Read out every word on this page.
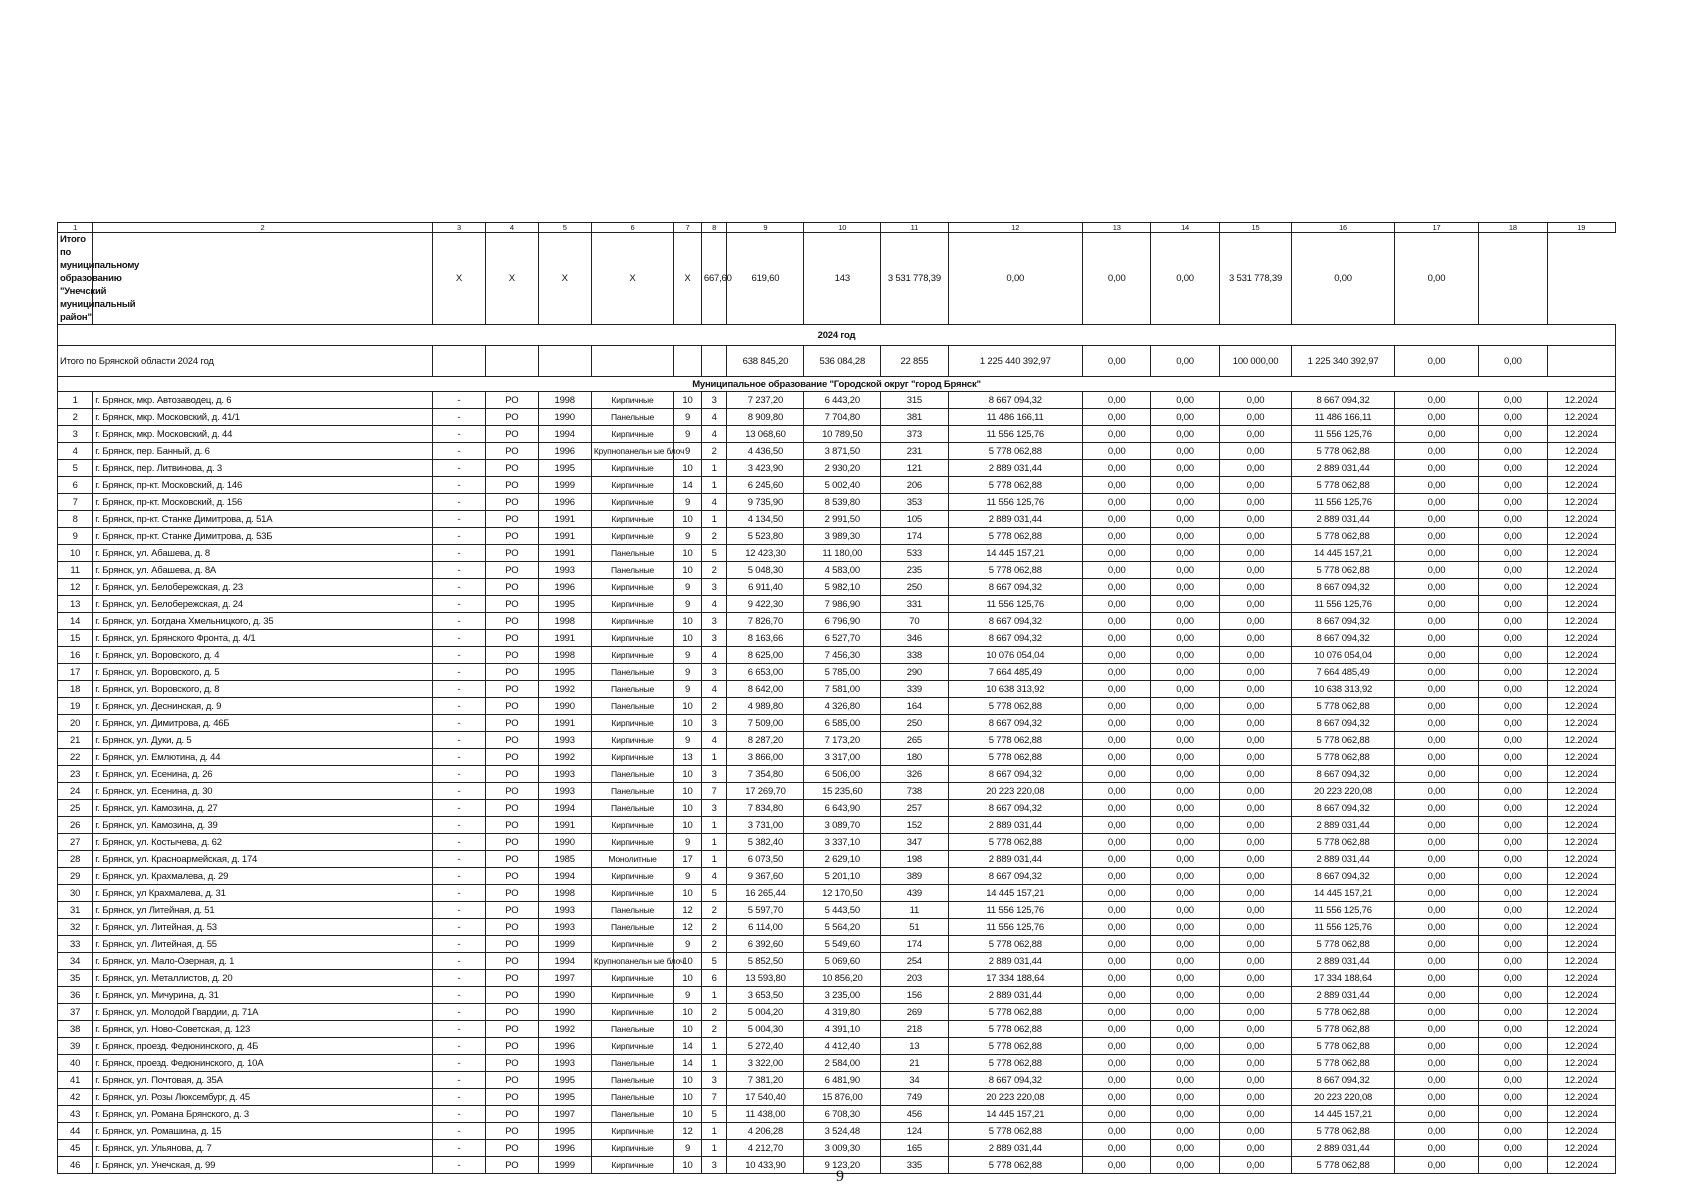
1	2	3	4	5	6	7	8	9	10	11	12	13	14	15	16	17	18	19
Итого по муниципальному образованию "Унечский муниципальный район"		X	X	X	X	X	667,60	619,60	143	3 531 778,39	0,00	0,00	0,00	3 531 778,39	0,00	0,00		
2024 год																		
Итого по Брянской области 2024 год								638 845,20	536 084,28	22 855	1 225 440 392,97	0,00	0,00	100 000,00	1 225 340 392,97	0,00	0,00	
Муниципальное образование "Городской округ "город Брянск"																		
1	г. Брянск, мкр. Автозаводец, д. 6	-	РО	1998	Кирпичные	10	3	7 237,20	6 443,20	315	8 667 094,32	0,00	0,00	0,00	8 667 094,32	0,00	0,00	12.2024
2	г. Брянск, мкр. Московский, д. 41/1	-	РО	1990	Панельные	9	4	8 909,80	7 704,80	381	11 486 166,11	0,00	0,00	0,00	11 486 166,11	0,00	0,00	12.2024
3	г. Брянск, мкр. Московский, д. 44	-	РО	1994	Кирпичные	9	4	13 068,60	10 789,50	373	11 556 125,76	0,00	0,00	0,00	11 556 125,76	0,00	0,00	12.2024
4	г. Брянск, пер. Банный, д. 6	-	РО	1996	Крупнопанельн ые блоч	9	2	4 436,50	3 871,50	231	5 778 062,88	0,00	0,00	0,00	5 778 062,88	0,00	0,00	12.2024
5	г. Брянск, пер. Литвинова, д. 3	-	РО	1995	Кирпичные	10	1	3 423,90	2 930,20	121	2 889 031,44	0,00	0,00	0,00	2 889 031,44	0,00	0,00	12.2024
6	г. Брянск, пр-кт. Московский, д. 146	-	РО	1999	Кирпичные	14	1	6 245,60	5 002,40	206	5 778 062,88	0,00	0,00	0,00	5 778 062,88	0,00	0,00	12.2024
7	г. Брянск, пр-кт. Московский, д. 156	-	РО	1996	Кирпичные	9	4	9 735,90	8 539,80	353	11 556 125,76	0,00	0,00	0,00	11 556 125,76	0,00	0,00	12.2024
8	г. Брянск, пр-кт. Станке Димитрова, д. 51А	-	РО	1991	Кирпичные	10	1	4 134,50	2 991,50	105	2 889 031,44	0,00	0,00	0,00	2 889 031,44	0,00	0,00	12.2024
9	г. Брянск, пр-кт. Станке Димитрова, д. 53Б	-	РО	1991	Кирпичные	9	2	5 523,80	3 989,30	174	5 778 062,88	0,00	0,00	0,00	5 778 062,88	0,00	0,00	12.2024
10	г. Брянск, ул. Абашева, д. 8	-	РО	1991	Панельные	10	5	12 423,30	11 180,00	533	14 445 157,21	0,00	0,00	0,00	14 445 157,21	0,00	0,00	12.2024
11	г. Брянск, ул. Абашева, д. 8А	-	РО	1993	Панельные	10	2	5 048,30	4 583,00	235	5 778 062,88	0,00	0,00	0,00	5 778 062,88	0,00	0,00	12.2024
12	г. Брянск, ул. Белобережская, д. 23	-	РО	1996	Кирпичные	9	3	6 911,40	5 982,10	250	8 667 094,32	0,00	0,00	0,00	8 667 094,32	0,00	0,00	12.2024
13	г. Брянск, ул. Белобережская, д. 24	-	РО	1995	Кирпичные	9	4	9 422,30	7 986,90	331	11 556 125,76	0,00	0,00	0,00	11 556 125,76	0,00	0,00	12.2024
14	г. Брянск, ул. Богдана Хмельницкого, д. 35	-	РО	1998	Кирпичные	10	3	7 826,70	6 796,90	70	8 667 094,32	0,00	0,00	0,00	8 667 094,32	0,00	0,00	12.2024
15	г. Брянск, ул. Брянского Фронта, д. 4/1	-	РО	1991	Кирпичные	10	3	8 163,66	6 527,70	346	8 667 094,32	0,00	0,00	0,00	8 667 094,32	0,00	0,00	12.2024
16	г. Брянск, ул. Воровского, д. 4	-	РО	1998	Кирпичные	9	4	8 625,00	7 456,30	338	10 076 054,04	0,00	0,00	0,00	10 076 054,04	0,00	0,00	12.2024
17	г. Брянск, ул. Воровского, д. 5	-	РО	1995	Панельные	9	3	6 653,00	5 785,00	290	7 664 485,49	0,00	0,00	0,00	7 664 485,49	0,00	0,00	12.2024
18	г. Брянск, ул. Воровского, д. 8	-	РО	1992	Панельные	9	4	8 642,00	7 581,00	339	10 638 313,92	0,00	0,00	0,00	10 638 313,92	0,00	0,00	12.2024
19	г. Брянск, ул. Деснинская, д. 9	-	РО	1990	Панельные	10	2	4 989,80	4 326,80	164	5 778 062,88	0,00	0,00	0,00	5 778 062,88	0,00	0,00	12.2024
20	г. Брянск, ул. Димитрова, д. 46Б	-	РО	1991	Кирпичные	10	3	7 509,00	6 585,00	250	8 667 094,32	0,00	0,00	0,00	8 667 094,32	0,00	0,00	12.2024
21	г. Брянск, ул. Дуки, д. 5	-	РО	1993	Кирпичные	9	4	8 287,20	7 173,20	265	5 778 062,88	0,00	0,00	0,00	5 778 062,88	0,00	0,00	12.2024
22	г. Брянск, ул. Емлютина, д. 44	-	РО	1992	Кирпичные	13	1	3 866,00	3 317,00	180	5 778 062,88	0,00	0,00	0,00	5 778 062,88	0,00	0,00	12.2024
23	г. Брянск, ул. Есенина, д. 26	-	РО	1993	Панельные	10	3	7 354,80	6 506,00	326	8 667 094,32	0,00	0,00	0,00	8 667 094,32	0,00	0,00	12.2024
24	г. Брянск, ул. Есенина, д. 30	-	РО	1993	Панельные	10	7	17 269,70	15 235,60	738	20 223 220,08	0,00	0,00	0,00	20 223 220,08	0,00	0,00	12.2024
25	г. Брянск, ул. Камозина, д. 27	-	РО	1994	Панельные	10	3	7 834,80	6 643,90	257	8 667 094,32	0,00	0,00	0,00	8 667 094,32	0,00	0,00	12.2024
26	г. Брянск, ул. Камозина, д. 39	-	РО	1991	Кирпичные	10	1	3 731,00	3 089,70	152	2 889 031,44	0,00	0,00	0,00	2 889 031,44	0,00	0,00	12.2024
27	г. Брянск, ул. Костычева, д. 62	-	РО	1990	Кирпичные	9	1	5 382,40	3 337,10	347	5 778 062,88	0,00	0,00	0,00	5 778 062,88	0,00	0,00	12.2024
28	г. Брянск, ул. Красноармейская, д. 174	-	РО	1985	Монолитные	17	1	6 073,50	2 629,10	198	2 889 031,44	0,00	0,00	0,00	2 889 031,44	0,00	0,00	12.2024
29	г. Брянск, ул. Крахмалева, д. 29	-	РО	1994	Кирпичные	9	4	9 367,60	5 201,10	389	8 667 094,32	0,00	0,00	0,00	8 667 094,32	0,00	0,00	12.2024
30	г. Брянск, ул Крахмалева, д. 31	-	РО	1998	Кирпичные	10	5	16 265,44	12 170,50	439	14 445 157,21	0,00	0,00	0,00	14 445 157,21	0,00	0,00	12.2024
31	г. Брянск, ул Литейная, д. 51	-	РО	1993	Панельные	12	2	5 597,70	5 443,50	11	11 556 125,76	0,00	0,00	0,00	11 556 125,76	0,00	0,00	12.2024
32	г. Брянск, ул. Литейная, д. 53	-	РО	1993	Панельные	12	2	6 114,00	5 564,20	51	11 556 125,76	0,00	0,00	0,00	11 556 125,76	0,00	0,00	12.2024
33	г. Брянск, ул. Литейная, д. 55	-	РО	1999	Кирпичные	9	2	6 392,60	5 549,60	174	5 778 062,88	0,00	0,00	0,00	5 778 062,88	0,00	0,00	12.2024
34	г. Брянск, ул. Мало-Озерная, д. 1	-	РО	1994	Крупнопанельн ые блоч	10	5	5 852,50	5 069,60	254	2 889 031,44	0,00	0,00	0,00	2 889 031,44	0,00	0,00	12.2024
35	г. Брянск, ул. Металлистов, д. 20	-	РО	1997	Кирпичные	10	6	13 593,80	10 856,20	203	17 334 188,64	0,00	0,00	0,00	17 334 188,64	0,00	0,00	12.2024
36	г. Брянск, ул. Мичурина, д. 31	-	РО	1990	Кирпичные	9	1	3 653,50	3 235,00	156	2 889 031,44	0,00	0,00	0,00	2 889 031,44	0,00	0,00	12.2024
37	г. Брянск, ул. Молодой Гвардии, д. 71А	-	РО	1990	Кирпичные	10	2	5 004,20	4 319,80	269	5 778 062,88	0,00	0,00	0,00	5 778 062,88	0,00	0,00	12.2024
38	г. Брянск, ул. Ново-Советская, д. 123	-	РО	1992	Панельные	10	2	5 004,30	4 391,10	218	5 778 062,88	0,00	0,00	0,00	5 778 062,88	0,00	0,00	12.2024
39	г. Брянск, проезд. Федюнинского, д. 4Б	-	РО	1996	Кирпичные	14	1	5 272,40	4 412,40	13	5 778 062,88	0,00	0,00	0,00	5 778 062,88	0,00	0,00	12.2024
40	г. Брянск, проезд. Федюнинского, д. 10А	-	РО	1993	Панельные	14	1	3 322,00	2 584,00	21	5 778 062,88	0,00	0,00	0,00	5 778 062,88	0,00	0,00	12.2024
41	г. Брянск, ул. Почтовая, д. 35А	-	РО	1995	Панельные	10	3	7 381,20	6 481,90	34	8 667 094,32	0,00	0,00	0,00	8 667 094,32	0,00	0,00	12.2024
42	г. Брянск, ул. Розы Люксембург, д. 45	-	РО	1995	Панельные	10	7	17 540,40	15 876,00	749	20 223 220,08	0,00	0,00	0,00	20 223 220,08	0,00	0,00	12.2024
43	г. Брянск, ул. Романа Брянского, д. 3	-	РО	1997	Панельные	10	5	11 438,00	6 708,30	456	14 445 157,21	0,00	0,00	0,00	14 445 157,21	0,00	0,00	12.2024
44	г. Брянск, ул. Ромашина, д. 15	-	РО	1995	Кирпичные	12	1	4 206,28	3 524,48	124	5 778 062,88	0,00	0,00	0,00	5 778 062,88	0,00	0,00	12.2024
45	г. Брянск, ул. Ульянова, д. 7	-	РО	1996	Кирпичные	9	1	4 212,70	3 009,30	165	2 889 031,44	0,00	0,00	0,00	2 889 031,44	0,00	0,00	12.2024
46	г. Брянск, ул. Унечская, д. 99	-	РО	1999	Кирпичные	10	3	10 433,90	9 123,20	335	5 778 062,88	0,00	0,00	0,00	5 778 062,88	0,00	0,00	12.2024
9
